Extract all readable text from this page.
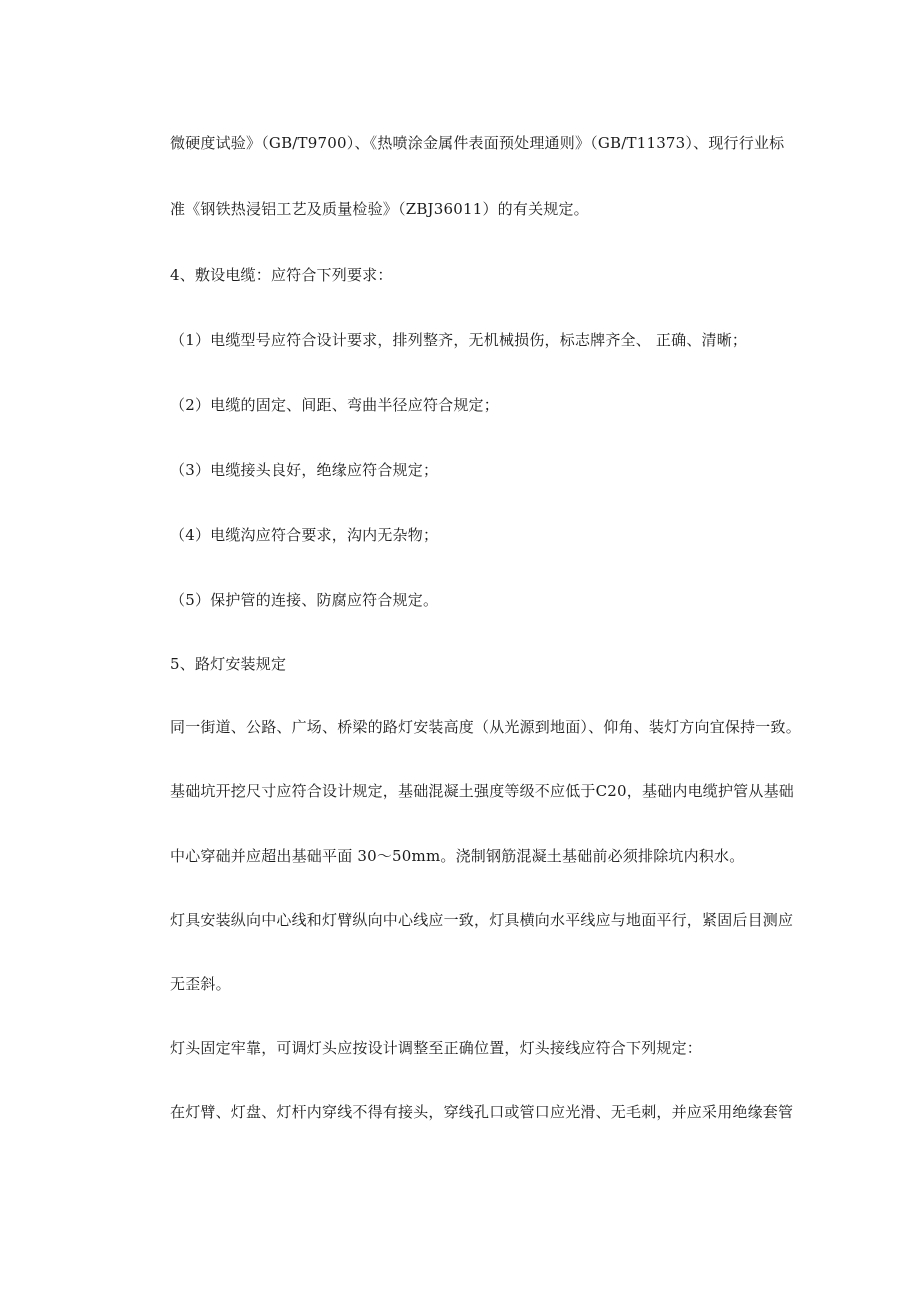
微硬度试验》（GB/T9700）、《热喷涂金属件表面预处理通则》（GB/T11373）、现行行业标
准《钢铁热浸铝工艺及质量检验》（ZBJ36011）的有关规定。
4、敷设电缆：应符合下列要求：
（1）电缆型号应符合设计要求，排列整齐，无机械损伤，标志牌齐全、 正确、清晰；
（2）电缆的固定、间距、弯曲半径应符合规定；
（3）电缆接头良好，绝缘应符合规定；
（4）电缆沟应符合要求，沟内无杂物；
（5）保护管的连接、防腐应符合规定。
5、路灯安装规定
同一街道、公路、广场、桥梁的路灯安装高度（从光源到地面）、仰角、装灯方向宜保持一致。
基础坑开挖尺寸应符合设计规定，基础混凝土强度等级不应低于C20，基础内电缆护管从基础
中心穿础并应超出基础平面 30～50mm。浇制钢筋混凝土基础前必须排除坑内积水。
灯具安装纵向中心线和灯臂纵向中心线应一致，灯具横向水平线应与地面平行，紧固后目测应
无歪斜。
灯头固定牢靠，可调灯头应按设计调整至正确位置，灯头接线应符合下列规定：
在灯臂、灯盘、灯杆内穿线不得有接头，穿线孔口或管口应光滑、无毛刺，并应采用绝缘套管
